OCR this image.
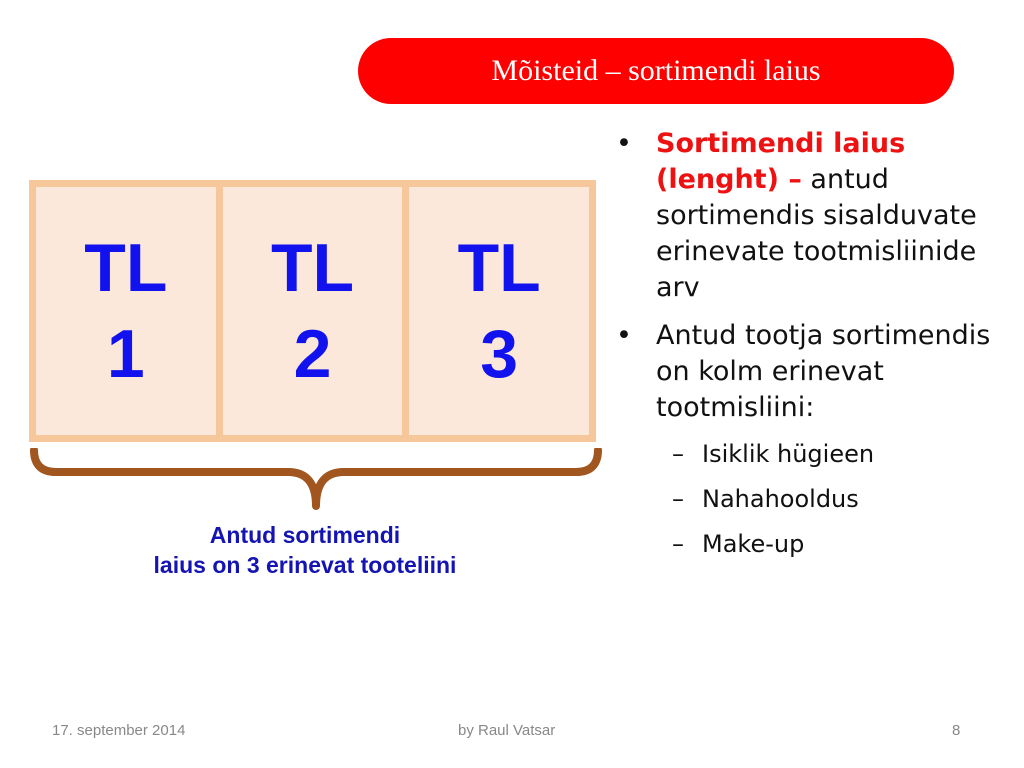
Mõisteid – sortimendi laius
TL
1
TL
2
TL
3
Antud sortimendi
laius on 3 erinevat tooteliini
• Sortimendi laius (lenght) – antud sortimendis sisalduvate erinevate tootmisliinide arv
• Antud tootja sortimendis on kolm erinevat tootmisliini:
– Isiklik hügieen
– Nahahooldus
– Make-up
17. september 2014	by Raul Vatsar	8
